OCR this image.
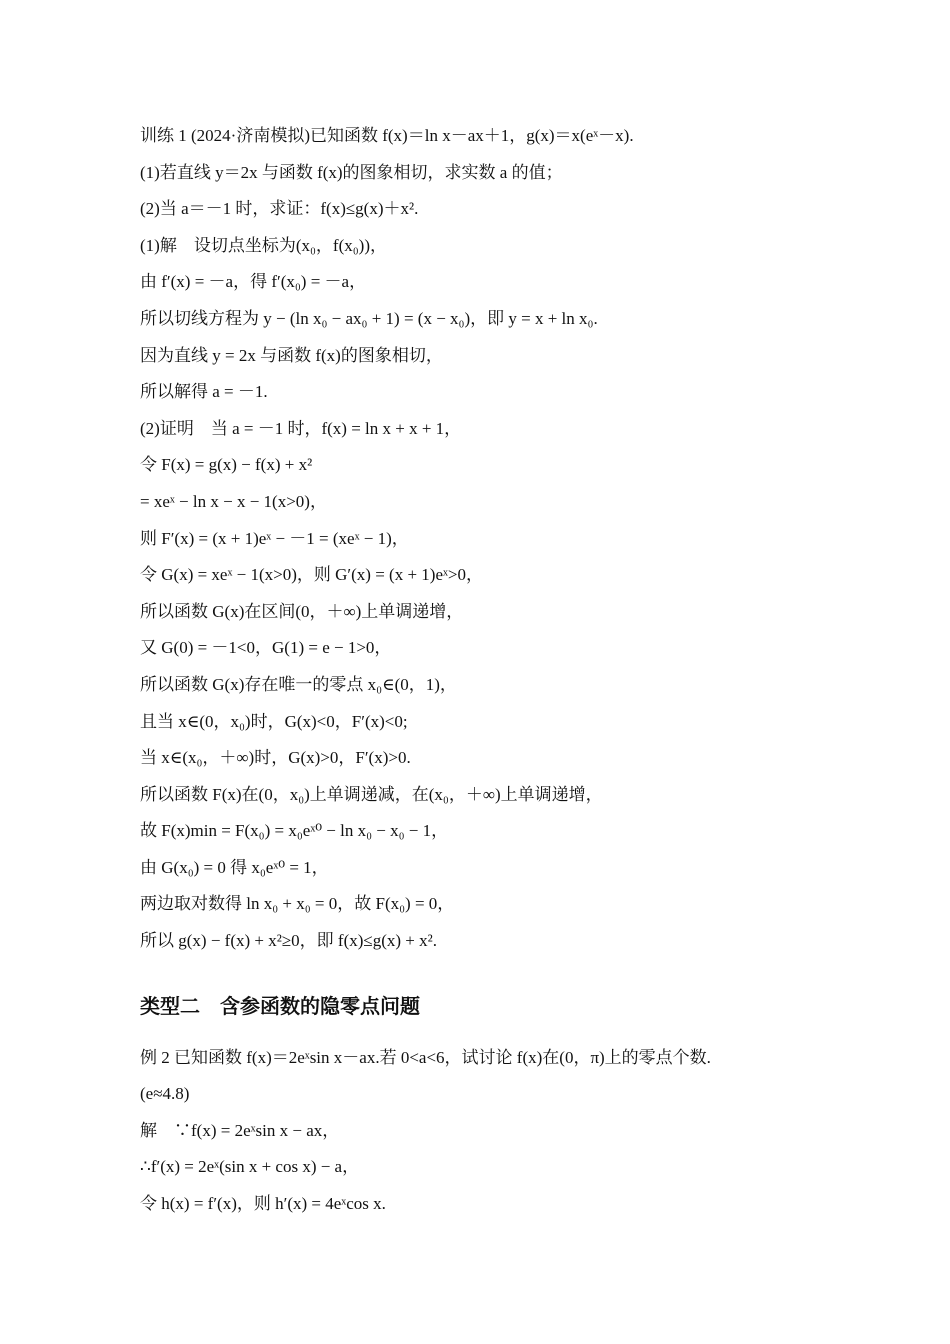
训练 1 (2024·济南模拟)已知函数 f(x)＝ln x－ax＋1，g(x)＝x(eˣ－x).
(1)若直线 y＝2x 与函数 f(x)的图象相切，求实数 a 的值；
(2)当 a＝－1 时，求证：f(x)≤g(x)＋x².
(1)解　设切点坐标为(x₀，f(x₀))，
由 f′(x) = －a，得 f′(x₀) = －a，
所以切线方程为 y − (ln x₀ − ax₀ + 1) = (x − x₀)，即 y = x + ln x₀.
因为直线 y = 2x 与函数 f(x)的图象相切，
所以解得 a = －1.
(2)证明　当 a = －1 时，f(x) = ln x + x + 1，
令 F(x) = g(x) − f(x) + x²
= xeˣ − ln x − x − 1(x>0)，
则 F′(x) = (x + 1)eˣ − －1 = (xeˣ − 1)，
令 G(x) = xeˣ − 1(x>0)，则 G′(x) = (x + 1)eˣ>0，
所以函数 G(x)在区间(0，＋∞)上单调递增，
又 G(0) = －1<0，G(1) = e − 1>0，
所以函数 G(x)存在唯一的零点 x₀∈(0，1)，
且当 x∈(0，x₀)时，G(x)<0，F′(x)<0;
当 x∈(x₀，＋∞)时，G(x)>0，F′(x)>0.
所以函数 F(x)在(0，x₀)上单调递减，在(x₀，＋∞)上单调递增，
故 F(x)min = F(x₀) = x₀eˣ⁰ − ln x₀ − x₀ − 1，
由 G(x₀) = 0 得 x₀eˣ⁰ = 1，
两边取对数得 ln x₀ + x₀ = 0，故 F(x₀) = 0，
所以 g(x) − f(x) + x²≥0，即 f(x)≤g(x) + x².
类型二　含参函数的隐零点问题
例 2 已知函数 f(x)＝2eˣsin x－ax.若 0<a<6，试讨论 f(x)在(0，π)上的零点个数.
(e≈4.8)
解　∵f(x) = 2eˣsin x − ax，
∴f′(x) = 2eˣ(sin x + cos x) − a，
令 h(x) = f′(x)，则 h′(x) = 4eˣcos x.
